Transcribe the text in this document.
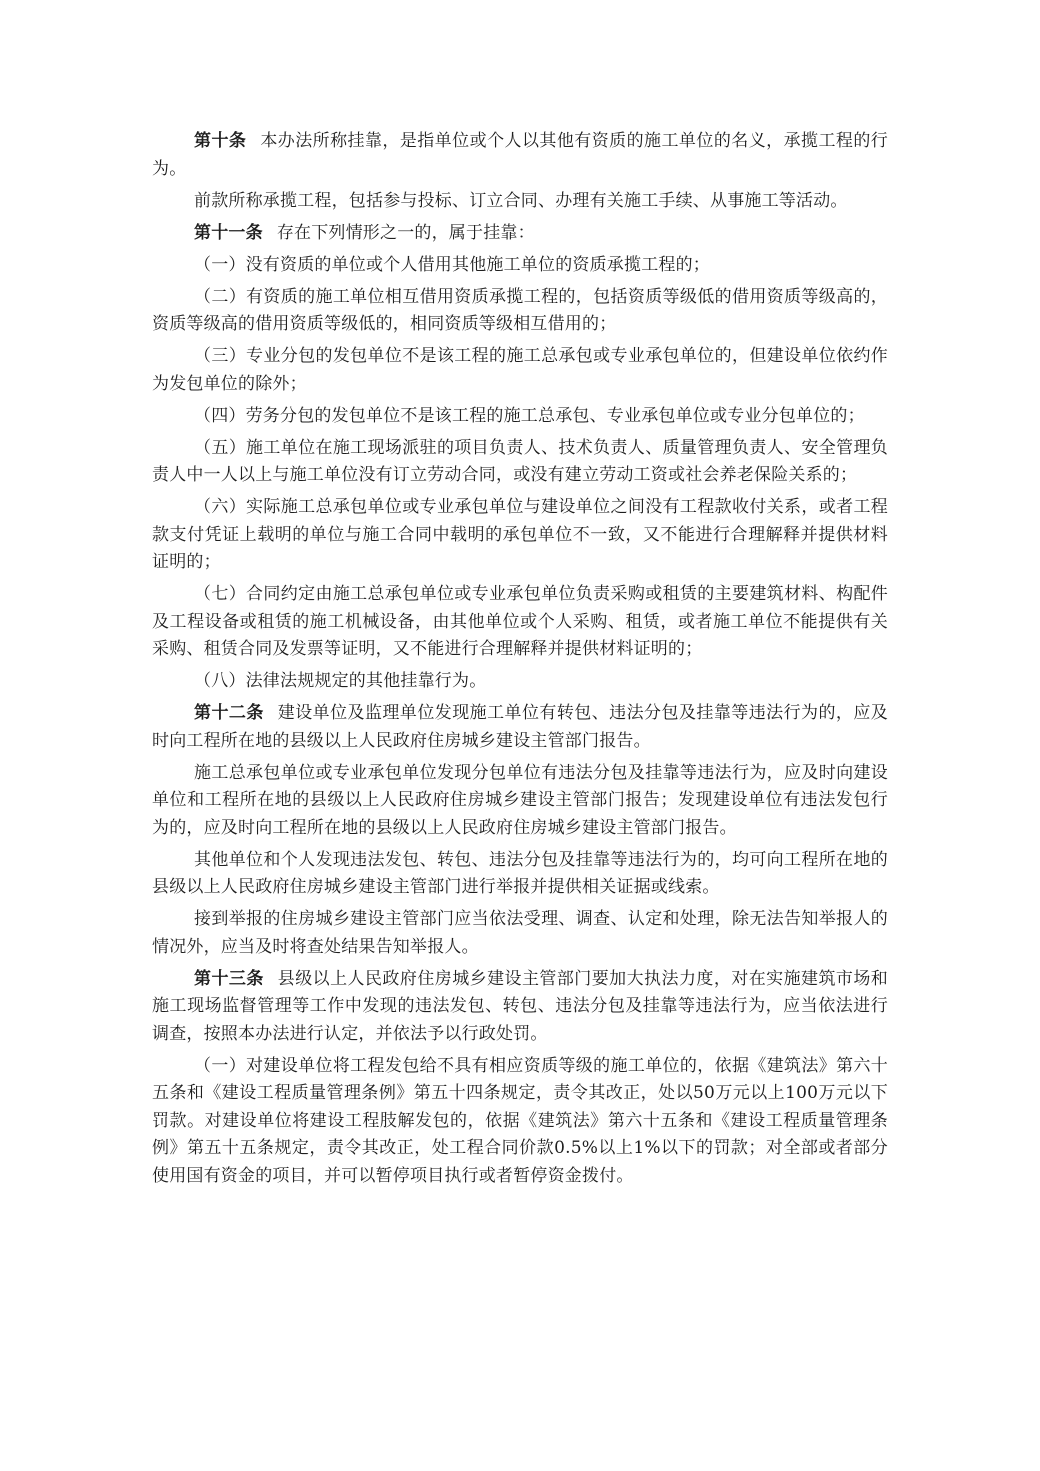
第十条 本办法所称挂靠，是指单位或个人以其他有资质的施工单位的名义，承揽工程的行为。

前款所称承揽工程，包括参与投标、订立合同、办理有关施工手续、从事施工等活动。

第十一条 存在下列情形之一的，属于挂靠：

（一）没有资质的单位或个人借用其他施工单位的资质承揽工程的；

（二）有资质的施工单位相互借用资质承揽工程的，包括资质等级低的借用资质等级高的，资质等级高的借用资质等级低的，相同资质等级相互借用的；

（三）专业分包的发包单位不是该工程的施工总承包或专业承包单位的，但建设单位依约作为发包单位的除外；

（四）劳务分包的发包单位不是该工程的施工总承包、专业承包单位或专业分包单位的；

（五）施工单位在施工现场派驻的项目负责人、技术负责人、质量管理负责人、安全管理负责人中一人以上与施工单位没有订立劳动合同，或没有建立劳动工资或社会养老保险关系的；

（六）实际施工总承包单位或专业承包单位与建设单位之间没有工程款收付关系，或者工程款支付凭证上载明的单位与施工合同中载明的承包单位不一致，又不能进行合理解释并提供材料证明的；

（七）合同约定由施工总承包单位或专业承包单位负责采购或租赁的主要建筑材料、构配件及工程设备或租赁的施工机械设备，由其他单位或个人采购、租赁，或者施工单位不能提供有关采购、租赁合同及发票等证明，又不能进行合理解释并提供材料证明的；

（八）法律法规规定的其他挂靠行为。

第十二条 建设单位及监理单位发现施工单位有转包、违法分包及挂靠等违法行为的，应及时向工程所在地的县级以上人民政府住房城乡建设主管部门报告。

施工总承包单位或专业承包单位发现分包单位有违法分包及挂靠等违法行为，应及时向建设单位和工程所在地的县级以上人民政府住房城乡建设主管部门报告；发现建设单位有违法发包行为的，应及时向工程所在地的县级以上人民政府住房城乡建设主管部门报告。

其他单位和个人发现违法发包、转包、违法分包及挂靠等违法行为的，均可向工程所在地的县级以上人民政府住房城乡建设主管部门进行举报并提供相关证据或线索。

接到举报的住房城乡建设主管部门应当依法受理、调查、认定和处理，除无法告知举报人的情况外，应当及时将查处结果告知举报人。

第十三条 县级以上人民政府住房城乡建设主管部门要加大执法力度，对在实施建筑市场和施工现场监督管理等工作中发现的违法发包、转包、违法分包及挂靠等违法行为，应当依法进行调查，按照本办法进行认定，并依法予以行政处罚。

（一）对建设单位将工程发包给不具有相应资质等级的施工单位的，依据《建筑法》第六十五条和《建设工程质量管理条例》第五十四条规定，责令其改正，处以50万元以上100万元以下罚款。对建设单位将建设工程肢解发包的，依据《建筑法》第六十五条和《建设工程质量管理条例》第五十五条规定，责令其改正，处工程合同价款0.5%以上1%以下的罚款；对全部或者部分使用国有资金的项目，并可以暂停项目执行或者暂停资金拨付。
